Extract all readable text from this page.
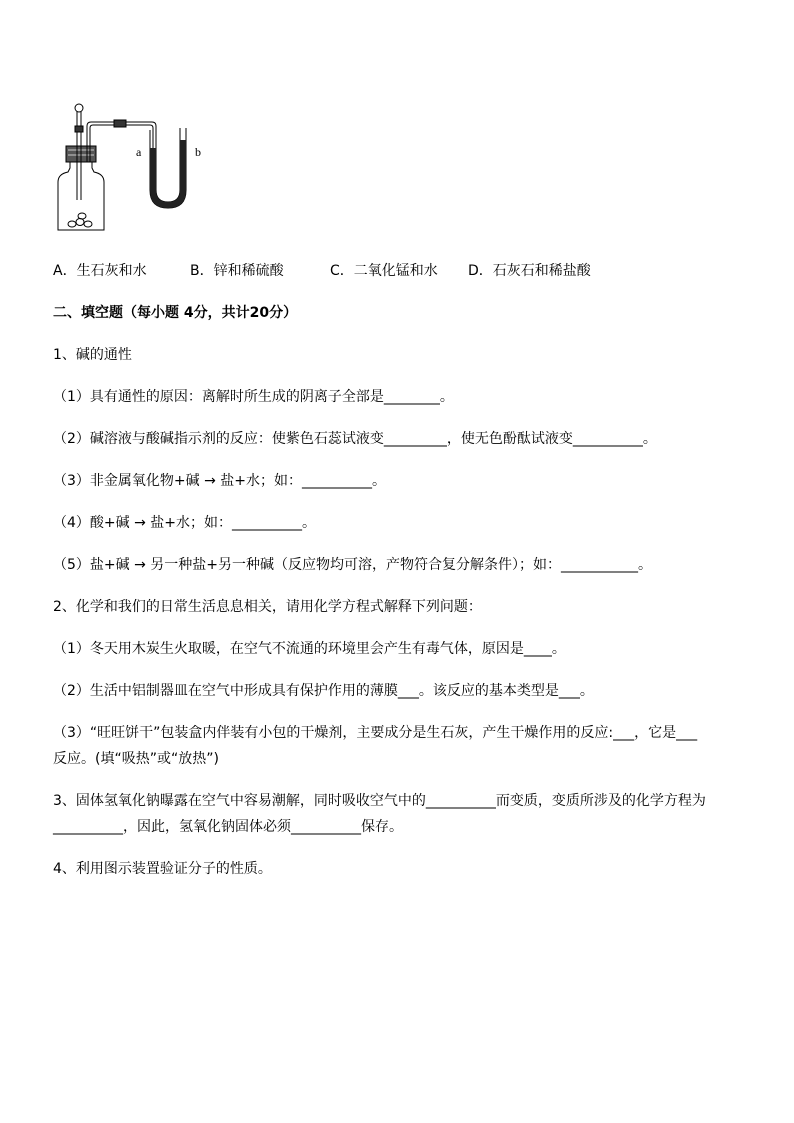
a	b
A．生石灰和水	B．锌和稀硫酸	C．二氧化锰和水 D．石灰石和稀盐酸
二、填空题（每小题 4分，共计20分）
1、碱的通性
（1）具有通性的原因：离解时所生成的阴离子全部是________。
（2）碱溶液与酸碱指示剂的反应：使紫色石蕊试液变_________，使无色酚酞试液变__________。
（3）非金属氧化物+碱 → 盐+水；如：__________。
（4）酸+碱 → 盐+水；如：__________。
（5）盐+碱 → 另一种盐+另一种碱（反应物均可溶，产物符合复分解条件）；如：___________。
2、化学和我们的日常生活息息相关，请用化学方程式解释下列问题：
（1）冬天用木炭生火取暖，在空气不流通的环境里会产生有毒气体，原因是____。
（2）生活中铝制器皿在空气中形成具有保护作用的薄膜___。该反应的基本类型是___。
（3）“旺旺饼干”包装盒内伴装有小包的干燥剂，主要成分是生石灰，产生干燥作用的反应:___，它是___
反应。(填“吸热”或“放热”)
3、固体氢氧化钠曝露在空气中容易潮解，同时吸收空气中的__________而变质，变质所涉及的化学方程为
__________，因此，氢氧化钠固体必须__________保存。
4、利用图示装置验证分子的性质。
